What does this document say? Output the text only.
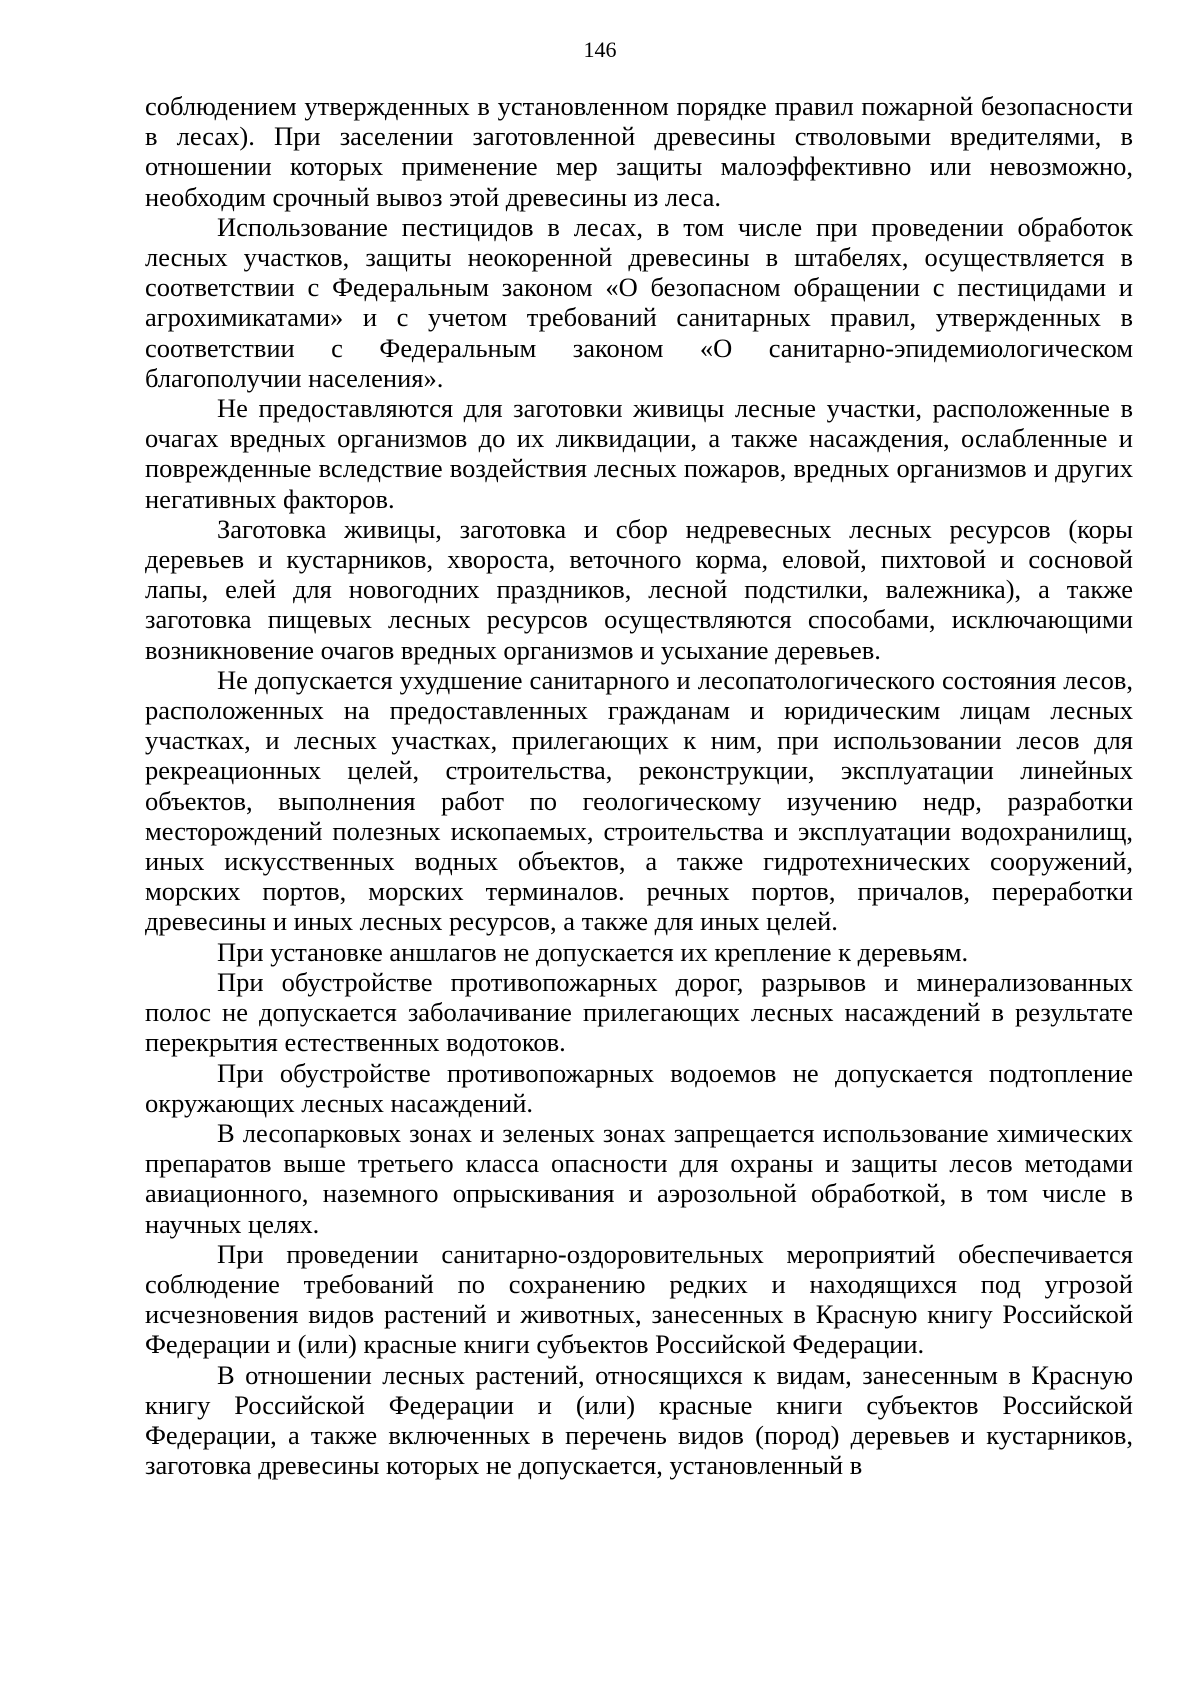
146

соблюдением утвержденных в установленном порядке правил пожарной безопасности в лесах). При заселении заготовленной древесины стволовыми вредителями, в отношении которых применение мер защиты малоэффективно или невозможно, необходим срочный вывоз этой древесины из леса.

Использование пестицидов в лесах, в том числе при проведении обработок лесных участков, защиты неокоренной древесины в штабелях, осуществляется в соответствии с Федеральным законом «О безопасном обращении с пестицидами и агрохимикатами» и с учетом требований санитарных правил, утвержденных в соответствии с Федеральным законом «О санитарно-эпидемиологическом благополучии населения».

Не предоставляются для заготовки живицы лесные участки, расположенные в очагах вредных организмов до их ликвидации, а также насаждения, ослабленные и поврежденные вследствие воздействия лесных пожаров, вредных организмов и других негативных факторов.

Заготовка живицы, заготовка и сбор недревесных лесных ресурсов (коры деревьев и кустарников, хвороста, веточного корма, еловой, пихтовой и сосновой лапы, елей для новогодних праздников, лесной подстилки, валежника), а также заготовка пищевых лесных ресурсов осуществляются способами, исключающими возникновение очагов вредных организмов и усыхание деревьев.

Не допускается ухудшение санитарного и лесопатологического состояния лесов, расположенных на предоставленных гражданам и юридическим лицам лесных участках, и лесных участках, прилегающих к ним, при использовании лесов для рекреационных целей, строительства, реконструкции, эксплуатации линейных объектов, выполнения работ по геологическому изучению недр, разработки месторождений полезных ископаемых, строительства и эксплуатации водохранилищ, иных искусственных водных объектов, а также гидротехнических сооружений, морских портов, морских терминалов. речных портов, причалов, переработки древесины и иных лесных ресурсов, а также для иных целей.

При установке аншлагов не допускается их крепление к деревьям.

При обустройстве противопожарных дорог, разрывов и минерализованных полос не допускается заболачивание прилегающих лесных насаждений в результате перекрытия естественных водотоков.

При обустройстве противопожарных водоемов не допускается подтопление окружающих лесных насаждений.

В лесопарковых зонах и зеленых зонах запрещается использование химических препаратов выше третьего класса опасности для охраны и защиты лесов методами авиационного, наземного опрыскивания и аэрозольной обработкой, в том числе в научных целях.

При проведении санитарно-оздоровительных мероприятий обеспечивается соблюдение требований по сохранению редких и находящихся под угрозой исчезновения видов растений и животных, занесенных в Красную книгу Российской Федерации и (или) красные книги субъектов Российской Федерации.

В отношении лесных растений, относящихся к видам, занесенным в Красную книгу Российской Федерации и (или) красные книги субъектов Российской Федерации, а также включенных в перечень видов (пород) деревьев и кустарников, заготовка древесины которых не допускается, установленный в
